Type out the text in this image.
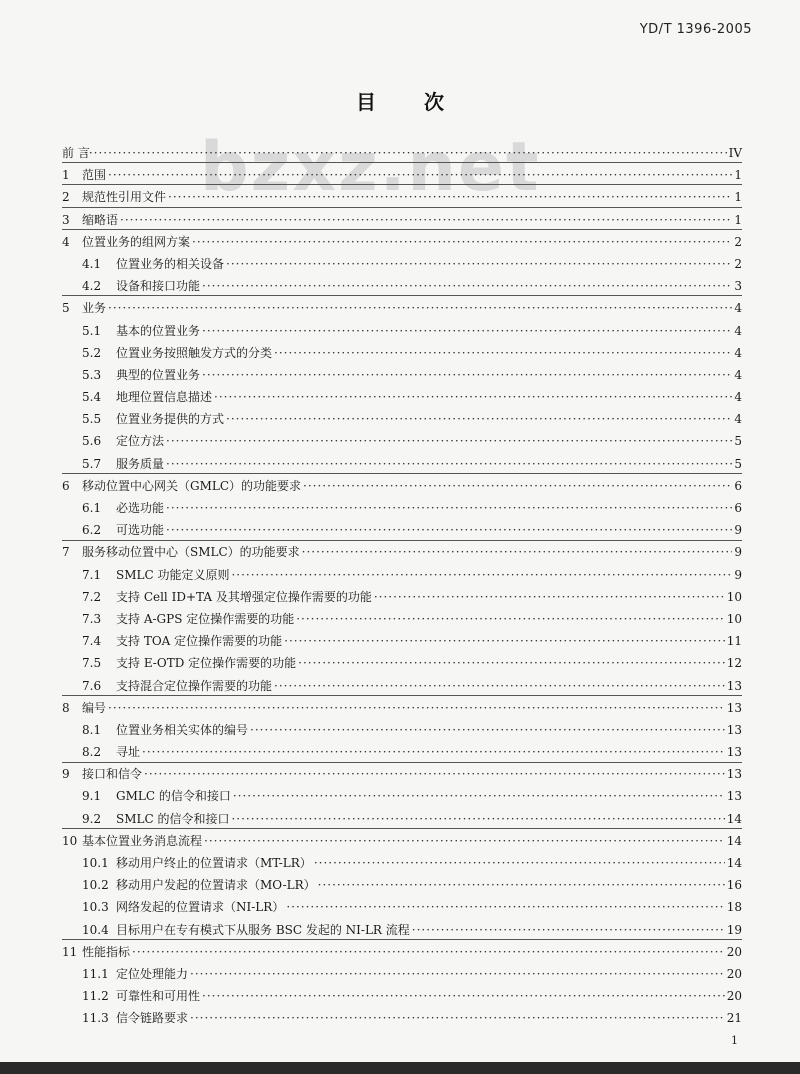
YD/T 1396-2005
目次
bzxz.net
前 言 ·····	IV
1	范围 ·····	1
2	规范性引用文件 ·····	1
3	缩略语 ·····	1
4	位置业务的组网方案 ·····	2
4.1	位置业务的相关设备 ·····	2
4.2	设备和接口功能 ·····	3
5	业务 ·····	4
5.1	基本的位置业务 ·····	4
5.2	位置业务按照触发方式的分类 ·····	4
5.3	典型的位置业务 ·····	4
5.4	地理位置信息描述 ·····	4
5.5	位置业务提供的方式 ·····	4
5.6	定位方法 ·····	5
5.7	服务质量 ·····	5
6	移动位置中心网关（GMLC）的功能要求 ·····	6
6.1	必选功能 ·····	6
6.2	可选功能 ·····	9
7	服务移动位置中心（SMLC）的功能要求 ·····	9
7.1	SMLC 功能定义原则 ·····	9
7.2	支持 Cell ID+TA 及其增强定位操作需要的功能 ·····	10
7.3	支持 A-GPS 定位操作需要的功能 ·····	10
7.4	支持 TOA 定位操作需要的功能 ·····	11
7.5	支持 E-OTD 定位操作需要的功能 ·····	12
7.6	支持混合定位操作需要的功能 ·····	13
8	编号 ·····	13
8.1	位置业务相关实体的编号 ·····	13
8.2	寻址 ·····	13
9	接口和信令 ·····	13
9.1	GMLC 的信令和接口 ·····	13
9.2	SMLC 的信令和接口 ·····	14
10 基本位置业务消息流程 ·····	14
10.1 移动用户终止的位置请求（MT-LR） ·····	14
10.2 移动用户发起的位置请求（MO-LR） ·····	16
10.3 网络发起的位置请求（NI-LR） ·····	18
10.4 目标用户在专有模式下从服务 BSC 发起的 NI-LR 流程 ·····	19
11 性能指标 ·····	20
11.1 定位处理能力 ·····	20
11.2 可靠性和可用性 ·····	20
11.3 信令链路要求 ·····	21
1
